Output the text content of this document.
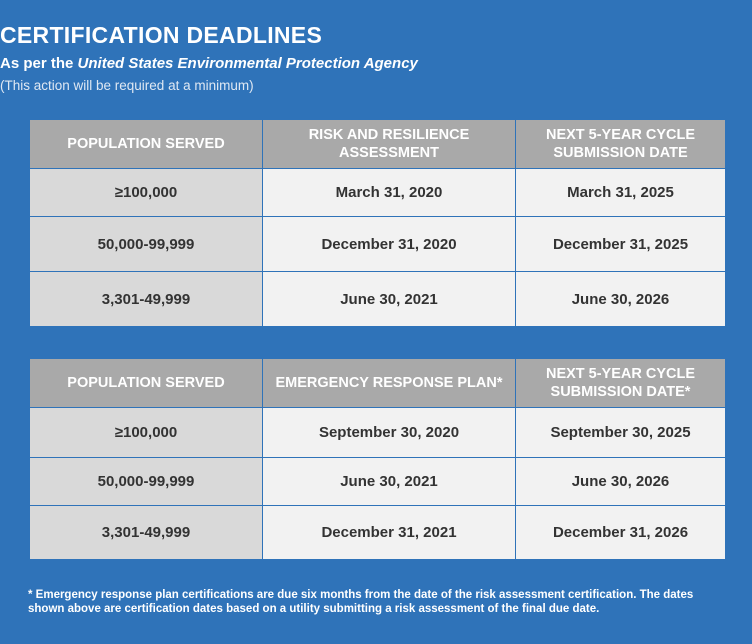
CERTIFICATION DEADLINES
As per the United States Environmental Protection Agency
(This action will be required at a minimum)
POPULATION SERVED	RISK AND RESILIENCE ASSESSMENT	NEXT 5-YEAR CYCLE SUBMISSION DATE
≥100,000	March 31, 2020	March 31, 2025
50,000-99,999	December 31, 2020	December 31, 2025
3,301-49,999	June 30, 2021	June 30, 2026
POPULATION SERVED	EMERGENCY RESPONSE PLAN*	NEXT 5-YEAR CYCLE SUBMISSION DATE*
≥100,000	September 30, 2020	September 30, 2025
50,000-99,999	June 30, 2021	June 30, 2026
3,301-49,999	December 31, 2021	December 31, 2026
* Emergency response plan certifications are due six months from the date of the risk assessment certification. The dates shown above are certification dates based on a utility submitting a risk assessment of the final due date.
